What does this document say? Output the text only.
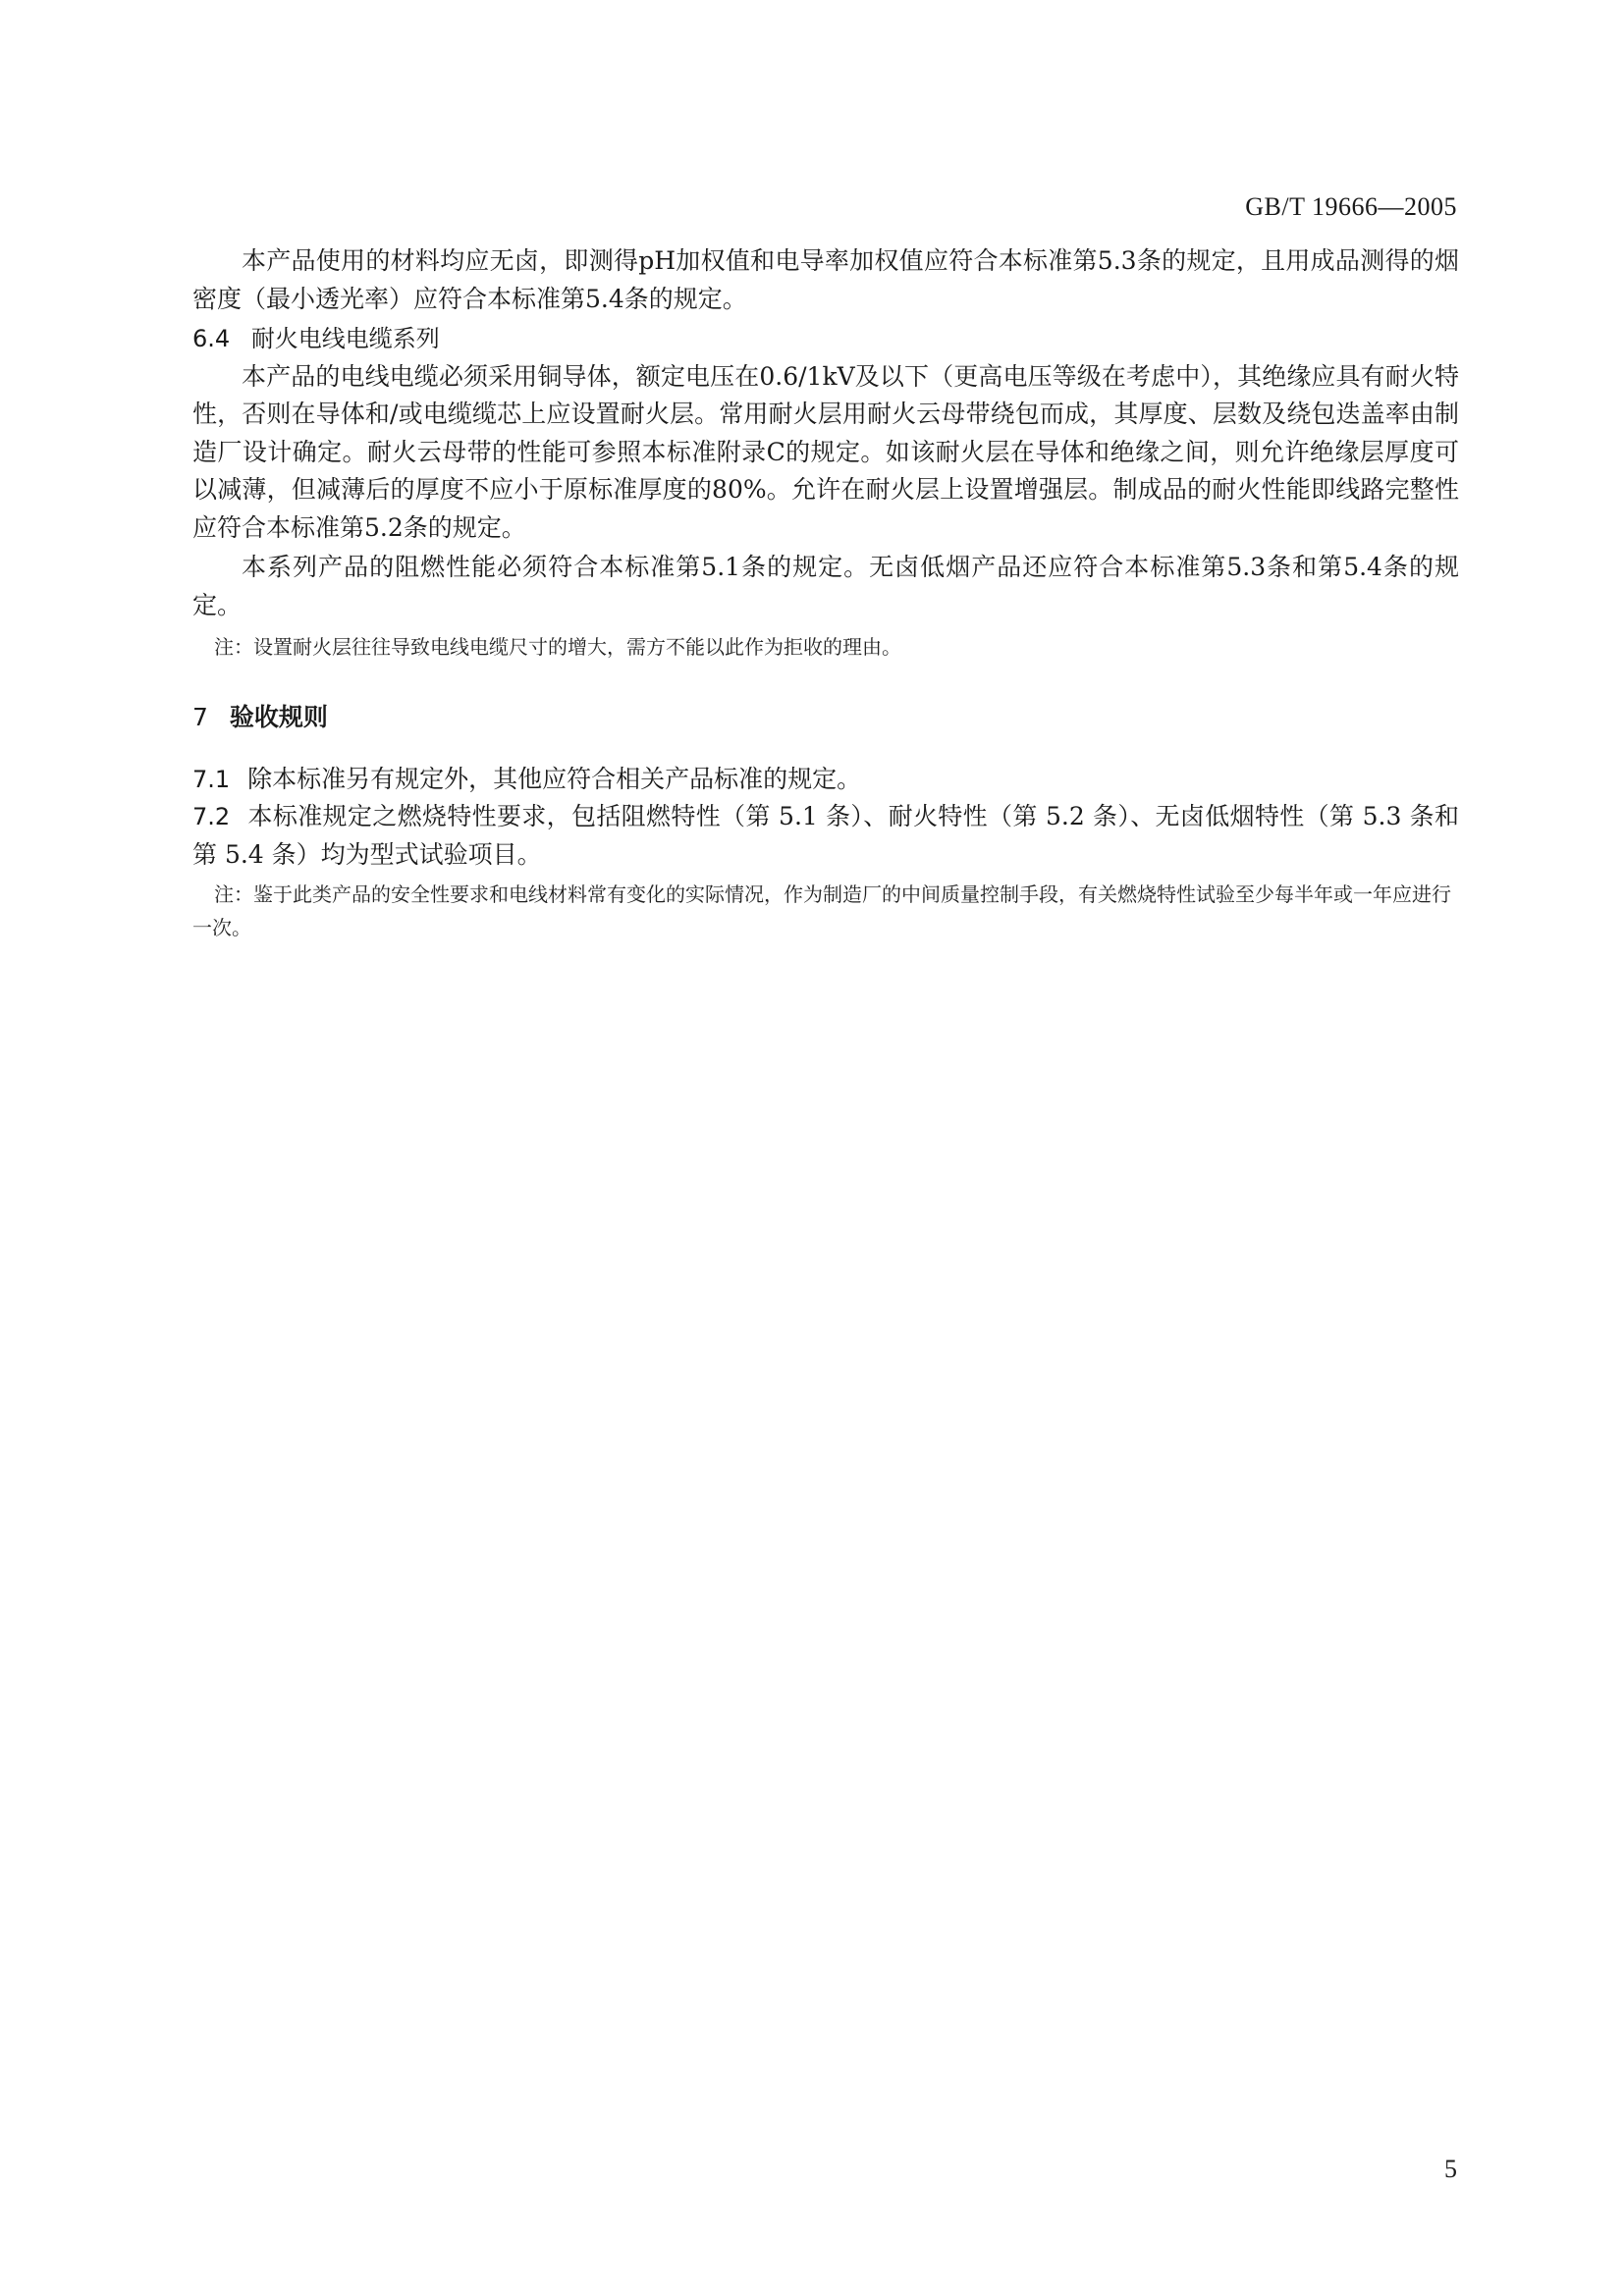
GB/T 19666—2005

本产品使用的材料均应无卤，即测得pH加权值和电导率加权值应符合本标准第5.3条的规定，且用成品测得的烟密度（最小透光率）应符合本标准第5.4条的规定。

6.4 耐火电线电缆系列

本产品的电线电缆必须采用铜导体，额定电压在0.6/1kV及以下（更高电压等级在考虑中），其绝缘应具有耐火特性，否则在导体和/或电缆缆芯上应设置耐火层。常用耐火层用耐火云母带绕包而成，其厚度、层数及绕包迭盖率由制造厂设计确定。耐火云母带的性能可参照本标准附录C的规定。如该耐火层在导体和绝缘之间，则允许绝缘层厚度可以减薄，但减薄后的厚度不应小于原标准厚度的80%。允许在耐火层上设置增强层。制成品的耐火性能即线路完整性应符合本标准第5.2条的规定。

本系列产品的阻燃性能必须符合本标准第5.1条的规定。无卤低烟产品还应符合本标准第5.3条和第5.4条的规定。

注：设置耐火层往往导致电线电缆尺寸的增大，需方不能以此作为拒收的理由。

7 验收规则

7.1 除本标准另有规定外，其他应符合相关产品标准的规定。

7.2 本标准规定之燃烧特性要求，包括阻燃特性（第 5.1 条）、耐火特性（第 5.2 条）、无卤低烟特性（第 5.3 条和第 5.4 条）均为型式试验项目。

注：鉴于此类产品的安全性要求和电线材料常有变化的实际情况，作为制造厂的中间质量控制手段，有关燃烧特性试验至少每半年或一年应进行一次。

5
